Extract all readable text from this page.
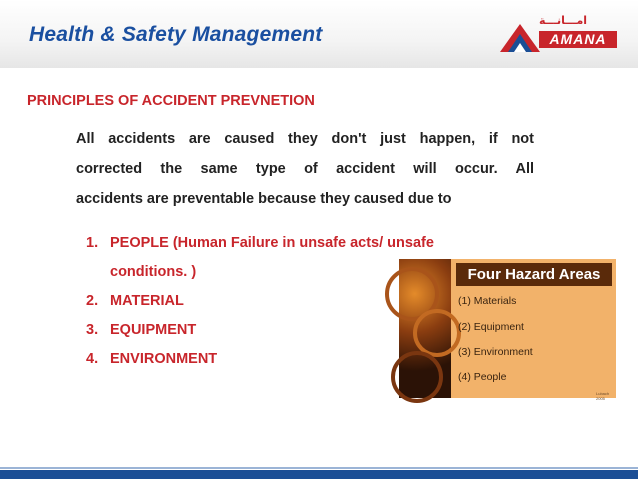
Health & Safety Management
امـــانـــة
AMANA
PRINCIPLES OF ACCIDENT PREVNETION

All accidents are caused they don't just happen, if not
corrected the same type of accident will occur. All
accidents are preventable because they caused due to

1. PEOPLE (Human Failure in unsafe acts/ unsafe conditions. )
2. MATERIAL
3. EQUIPMENT
4. ENVIRONMENT
Four Hazard Areas
(1) Materials
(2) Equipment
(3) Environment
(4) People
Lubach 2005
